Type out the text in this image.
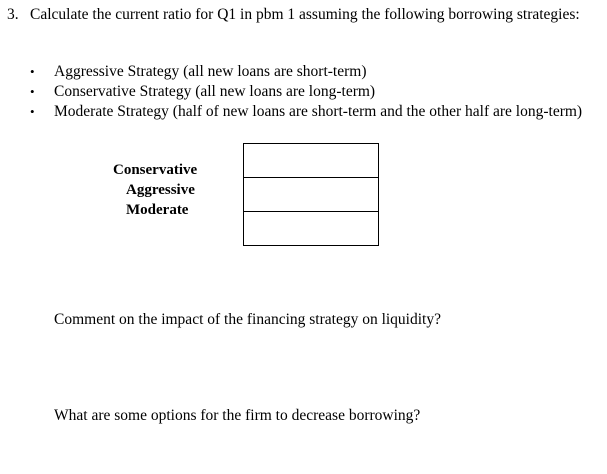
3. Calculate the current ratio for Q1 in pbm 1 assuming the following borrowing strategies:
•	Aggressive Strategy (all new loans are short-term)
•	Conservative Strategy (all new loans are long-term)
•	Moderate Strategy (half of new loans are short-term and the other half are long-term)
Conservative
Aggressive
Moderate

Comment on the impact of the financing strategy on liquidity?
What are some options for the firm to decrease borrowing?
